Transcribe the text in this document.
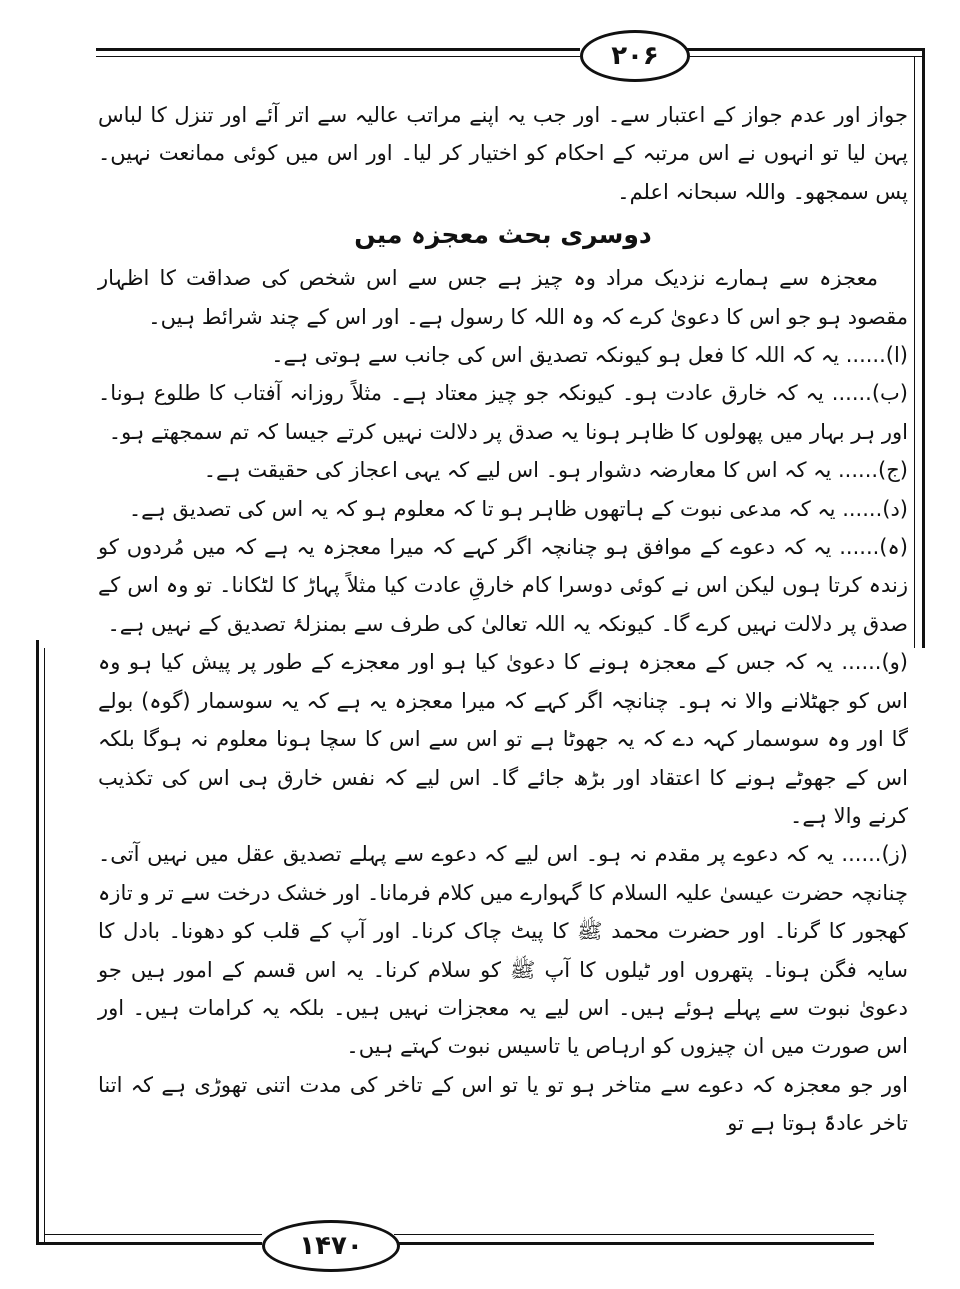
۲۰۶
۱۴۷۰

جواز اور عدم جواز کے اعتبار سے۔ اور جب یہ اپنے مراتب عالیہ سے اتر آئے اور تنزل کا لباس پہن لیا تو انہوں نے اس مرتبہ کے احکام کو اختیار کر لیا۔ اور اس میں کوئی ممانعت نہیں۔ پس سمجھو۔ واللہ سبحانہ اعلم۔

دوسری بحث معجزہ میں

معجزہ سے ہمارے نزدیک مراد وہ چیز ہے جس سے اس شخص کی صداقت کا اظہار مقصود ہو جو اس کا دعویٰ کرے کہ وہ اللہ کا رسول ہے۔ اور اس کے چند شرائط ہیں۔

(ا)...... یہ کہ اللہ کا فعل ہو کیونکہ تصدیق اس کی جانب سے ہوتی ہے۔

(ب)...... یہ کہ خارق عادت ہو۔ کیونکہ جو چیز معتاد ہے۔ مثلاً روزانہ آفتاب کا طلوع ہونا۔ اور ہر بہار میں پھولوں کا ظاہر ہونا یہ صدق پر دلالت نہیں کرتے جیسا کہ تم سمجھتے ہو۔

(ج)...... یہ کہ اس کا معارضہ دشوار ہو۔ اس لیے کہ یہی اعجاز کی حقیقت ہے۔

(د)...... یہ کہ مدعی نبوت کے ہاتھوں ظاہر ہو تا کہ معلوم ہو کہ یہ اس کی تصدیق ہے۔

(ہ)...... یہ کہ دعوے کے موافق ہو چنانچہ اگر کہے کہ میرا معجزہ یہ ہے کہ میں مُردوں کو زندہ کرتا ہوں لیکن اس نے کوئی دوسرا کام خارقِ عادت کیا مثلاً پہاڑ کا لٹکانا۔ تو وہ اس کے صدق پر دلالت نہیں کرے گا۔ کیونکہ یہ اللہ تعالیٰ کی طرف سے بمنزلۂ تصدیق کے نہیں ہے۔

(و)...... یہ کہ جس کے معجزہ ہونے کا دعویٰ کیا ہو اور معجزے کے طور پر پیش کیا ہو وہ اس کو جھٹلانے والا نہ ہو۔ چنانچہ اگر کہے کہ میرا معجزہ یہ ہے کہ یہ سوسمار (گوہ) بولے گا اور وہ سوسمار کہہ دے کہ یہ جھوٹا ہے تو اس سے اس کا سچا ہونا معلوم نہ ہوگا بلکہ اس کے جھوٹے ہونے کا اعتقاد اور بڑھ جائے گا۔ اس لیے کہ نفس خارق ہی اس کی تکذیب کرنے والا ہے۔

(ز)...... یہ کہ دعوے پر مقدم نہ ہو۔ اس لیے کہ دعوے سے پہلے تصدیق عقل میں نہیں آتی۔ چنانچہ حضرت عیسیٰ علیہ السلام کا گہوارے میں کلام فرمانا۔ اور خشک درخت سے تر و تازہ کھجور کا گرنا۔ اور حضرت محمد ﷺ کا پیٹ چاک کرنا۔ اور آپ کے قلب کو دھونا۔ بادل کا سایہ فگن ہونا۔ پتھروں اور ٹیلوں کا آپ ﷺ کو سلام کرنا۔ یہ اس قسم کے امور ہیں جو دعویٰ نبوت سے پہلے ہوئے ہیں۔ اس لیے یہ معجزات نہیں ہیں۔ بلکہ یہ کرامات ہیں۔ اور اس صورت میں ان چیزوں کو ارہاص یا تاسیس نبوت کہتے ہیں۔

اور جو معجزہ کہ دعوے سے متاخر ہو تو یا تو اس کے تاخر کی مدت اتنی تھوڑی ہے کہ اتنا تاخر عادۃً ہوتا ہے تو
